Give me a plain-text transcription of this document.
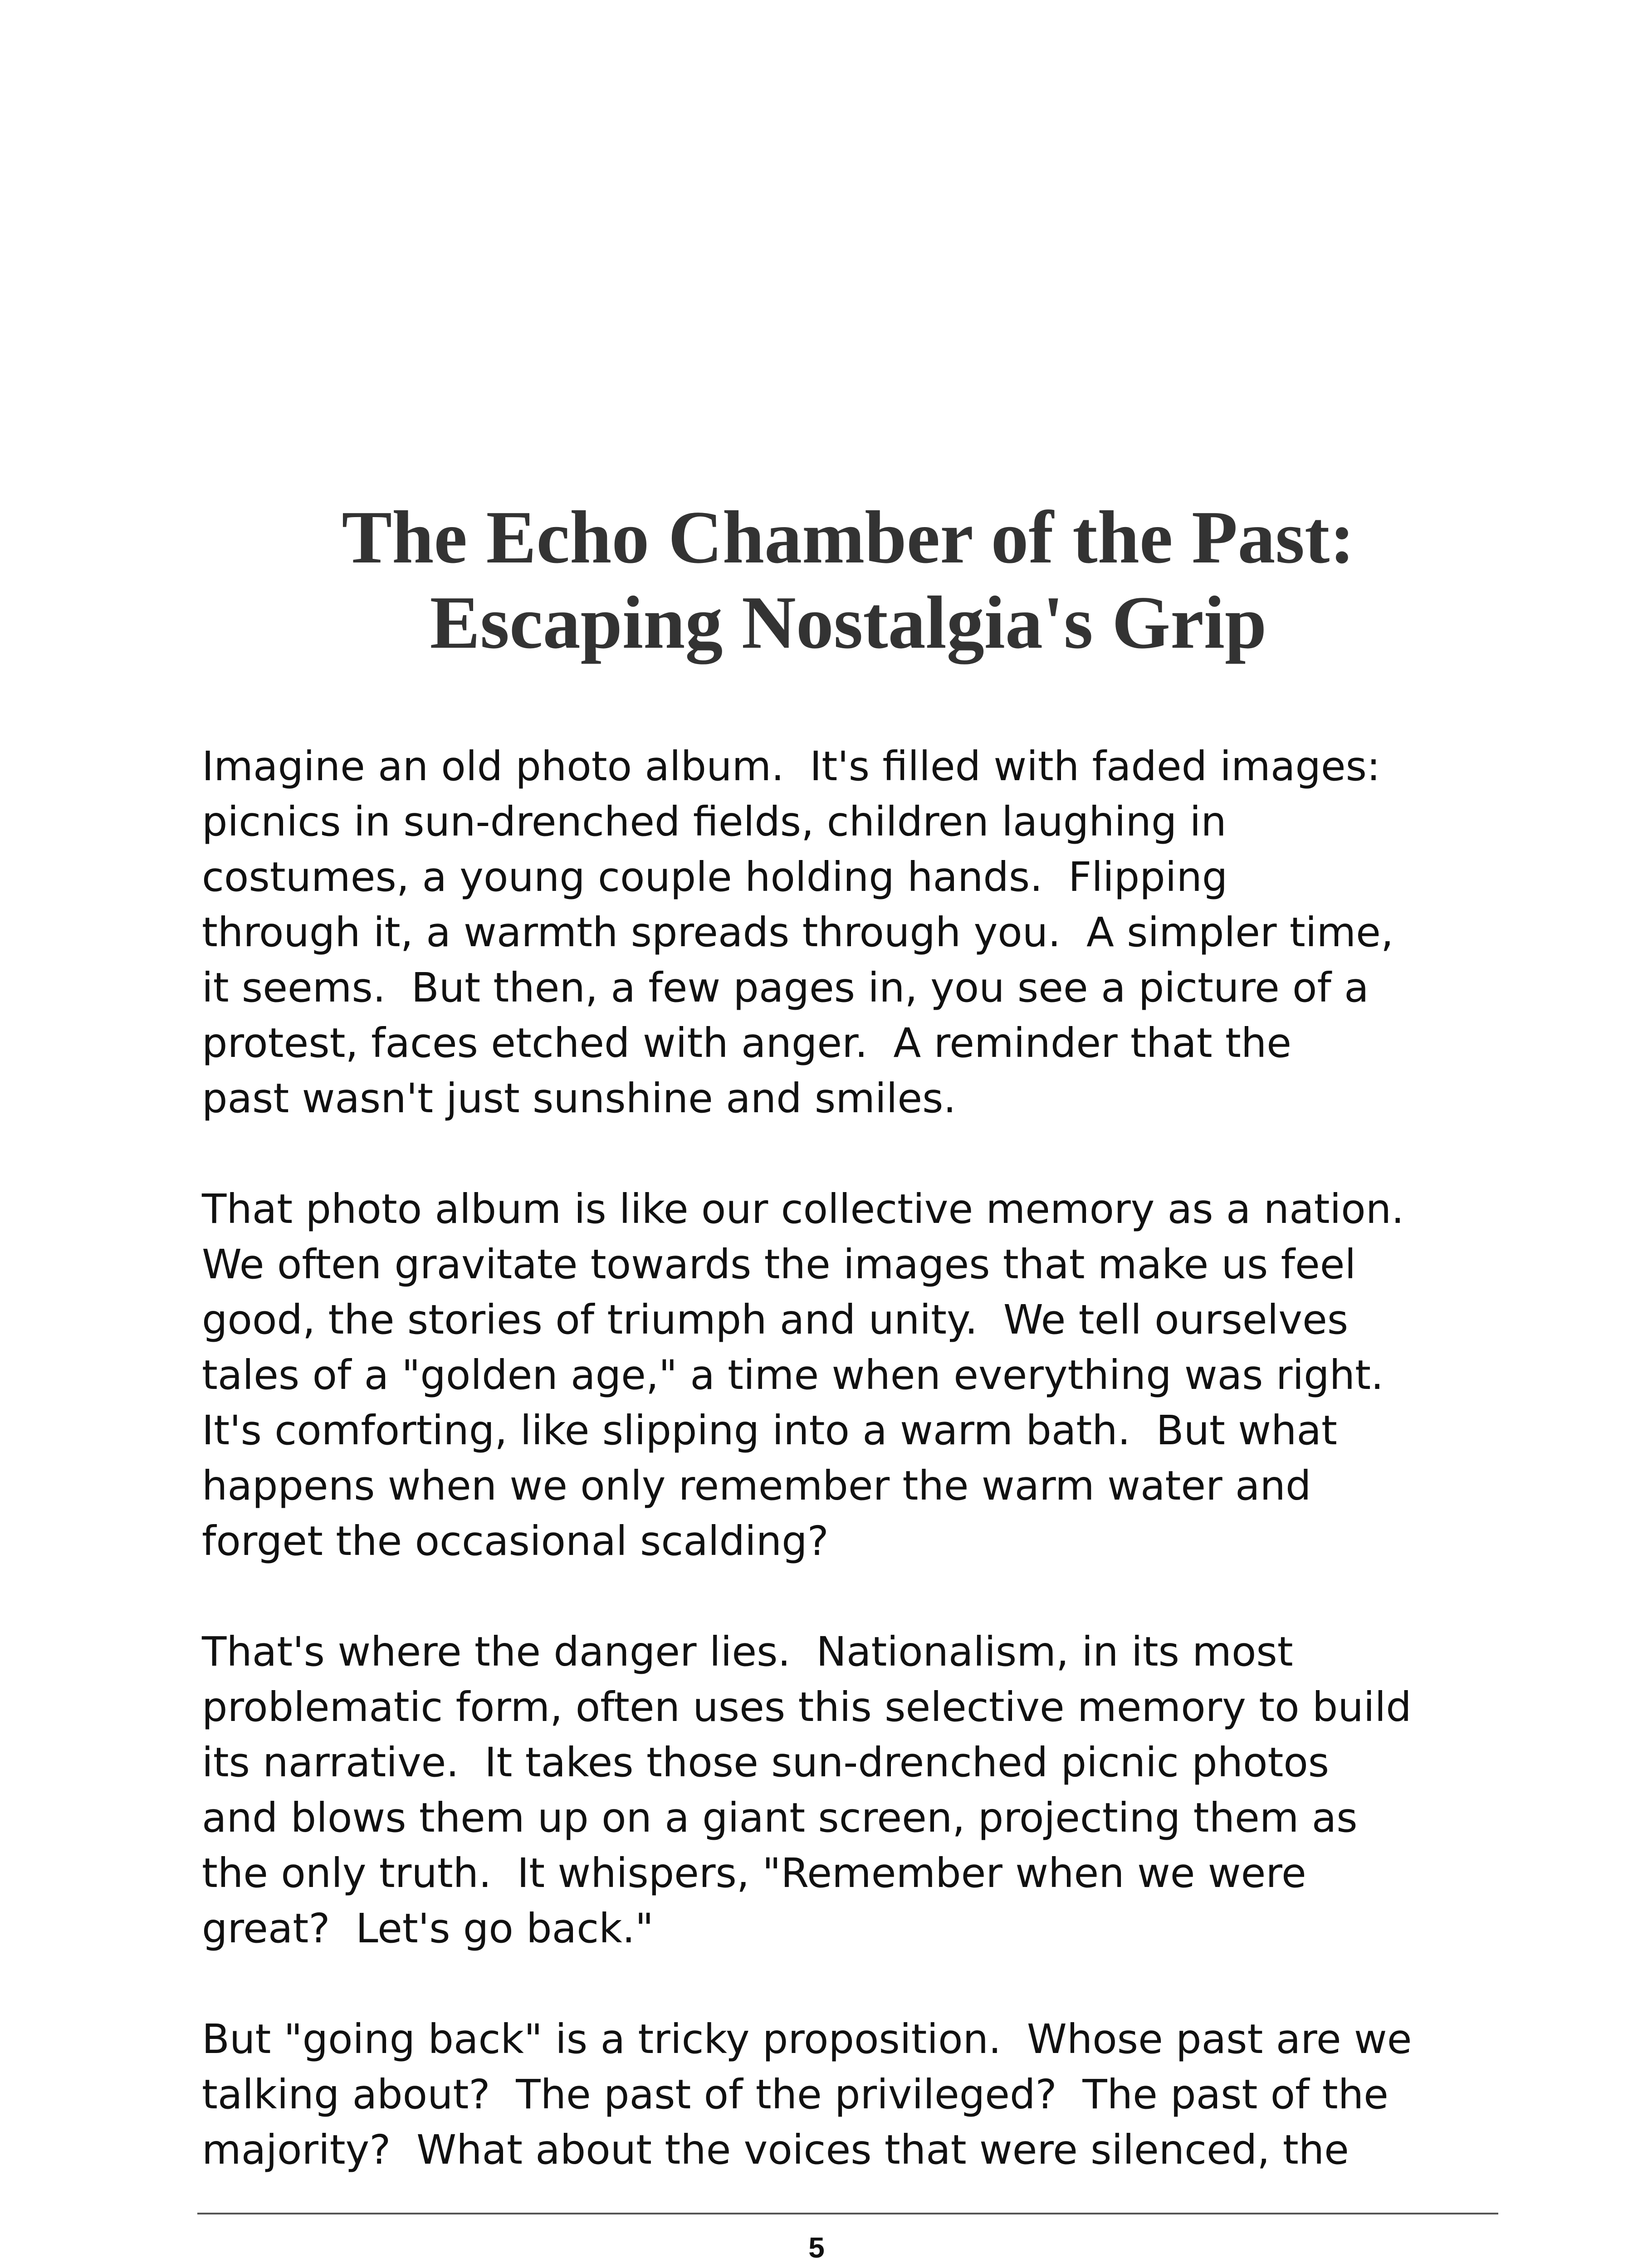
The Echo Chamber of the Past:
Escaping Nostalgia's Grip
Imagine an old photo album.  It's filled with faded images:
picnics in sun-drenched fields, children laughing in
costumes, a young couple holding hands.  Flipping
through it, a warmth spreads through you.  A simpler time,
it seems.  But then, a few pages in, you see a picture of a
protest, faces etched with anger.  A reminder that the
past wasn't just sunshine and smiles.
That photo album is like our collective memory as a nation.
We often gravitate towards the images that make us feel
good, the stories of triumph and unity.  We tell ourselves
tales of a "golden age," a time when everything was right.
It's comforting, like slipping into a warm bath.  But what
happens when we only remember the warm water and
forget the occasional scalding?
That's where the danger lies.  Nationalism, in its most
problematic form, often uses this selective memory to build
its narrative.  It takes those sun-drenched picnic photos
and blows them up on a giant screen, projecting them as
the only truth.  It whispers, "Remember when we were
great?  Let's go back."
But "going back" is a tricky proposition.  Whose past are we
talking about?  The past of the privileged?  The past of the
majority?  What about the voices that were silenced, the
5
